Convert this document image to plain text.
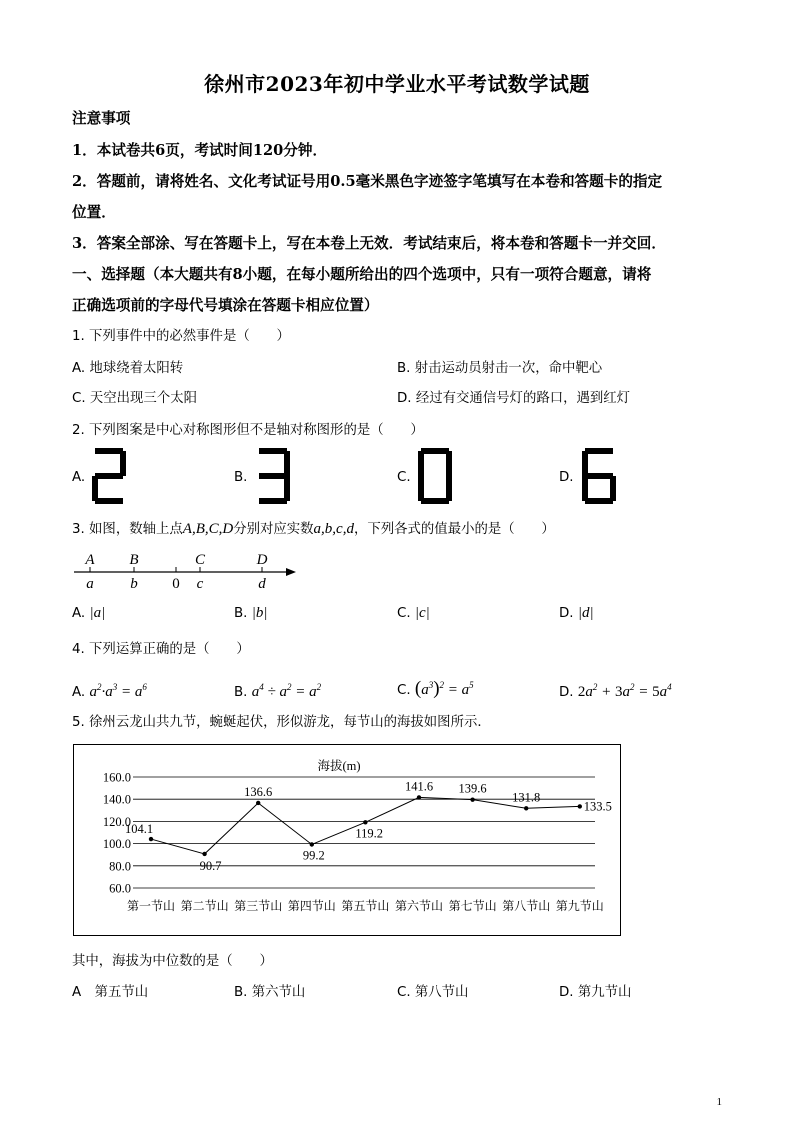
徐州市2023年初中学业水平考试数学试题
注意事项
1．本试卷共6页，考试时间120分钟．
2．答题前，请将姓名、文化考试证号用0.5毫米黑色字迹签字笔填写在本卷和答题卡的指定
位置．
3．答案全部涂、写在答题卡上，写在本卷上无效．考试结束后，将本卷和答题卡一并交回．
一、选择题（本大题共有8小题，在每小题所给出的四个选项中，只有一项符合题意，请将
正确选项前的字母代号填涂在答题卡相应位置）
1. 下列事件中的必然事件是（　　）
A. 地球绕着太阳转	B. 射击运动员射击一次，命中靶心
C. 天空出现三个太阳	D. 经过有交通信号灯的路口，遇到红灯
2. 下列图案是中心对称图形但不是轴对称图形的是（　　）
A.	B.	C.	D.
3. 如图，数轴上点A,B,C,D分别对应实数a,b,c,d，下列各式的值最小的是（　　）
A B	C	D
a b 0 c	d
A. |a|	B. |b|	C. |c|	D. |d|
4. 下列运算正确的是（　　）
A. $a^2\cdot a^3 = a^6$	B. $a^4 \div a^2 = a^2$	C. $(a^3)^2 = a^5$	D. $2a^2 + 3a^2 = 5a^4$
5. 徐州云龙山共九节，蜿蜒起伏，形似游龙，每节山的海拔如图所示．
海拔(m)
60.0
80.0
100.0
120.0
140.0
160.0
第一节山 第二节山 第三节山 第四节山 第五节山 第六节山 第七节山 第八节山 第九节山
104.1
90.7
136.6
99.2
119.2
141.6 139.6
131.8
133.5
其中，海拔为中位数的是（　　）
A　第五节山	B. 第六节山	C. 第八节山	D. 第九节山
1
